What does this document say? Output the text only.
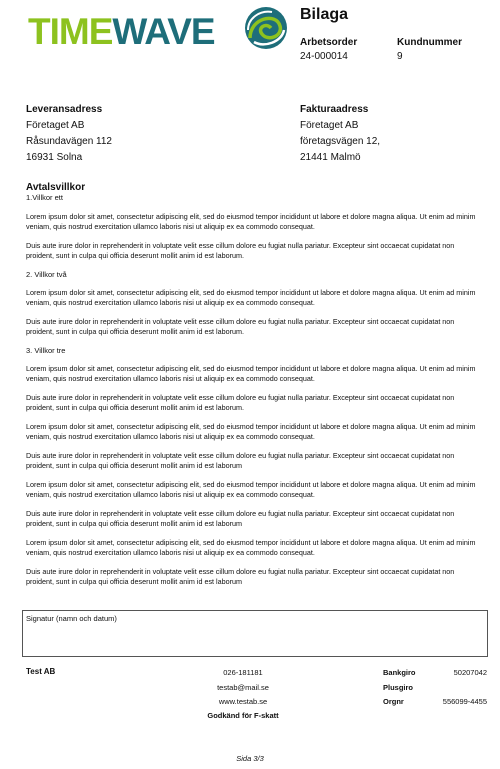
TIMEWAVE	Bilaga
Arbetsorder
24-000014
Kundnummer
9
Leveransadress
Företaget AB
Råsundavägen 112
16931 Solna
Fakturaadress
Företaget AB
företagsvägen 12,
21441 Malmö
Avtalsvillkor
1.Villkor ett

Lorem ipsum dolor sit amet, consectetur adipiscing elit, sed do eiusmod tempor incididunt ut labore et dolore magna aliqua. Ut enim ad minim veniam, quis nostrud exercitation ullamco laboris nisi ut aliquip ex ea commodo consequat.

Duis aute irure dolor in reprehenderit in voluptate velit esse cillum dolore eu fugiat nulla pariatur. Excepteur sint occaecat cupidatat non proident, sunt in culpa qui officia deserunt mollit anim id est laborum.

2. Villkor två

Lorem ipsum dolor sit amet, consectetur adipiscing elit, sed do eiusmod tempor incididunt ut labore et dolore magna aliqua. Ut enim ad minim veniam, quis nostrud exercitation ullamco laboris nisi ut aliquip ex ea commodo consequat.

Duis aute irure dolor in reprehenderit in voluptate velit esse cillum dolore eu fugiat nulla pariatur. Excepteur sint occaecat cupidatat non proident, sunt in culpa qui officia deserunt mollit anim id est laborum.

3. Villkor tre

Lorem ipsum dolor sit amet, consectetur adipiscing elit, sed do eiusmod tempor incididunt ut labore et dolore magna aliqua. Ut enim ad minim veniam, quis nostrud exercitation ullamco laboris nisi ut aliquip ex ea commodo consequat.

Duis aute irure dolor in reprehenderit in voluptate velit esse cillum dolore eu fugiat nulla pariatur. Excepteur sint occaecat cupidatat non proident, sunt in culpa qui officia deserunt mollit anim id est laborum.

Lorem ipsum dolor sit amet, consectetur adipiscing elit, sed do eiusmod tempor incididunt ut labore et dolore magna aliqua. Ut enim ad minim veniam, quis nostrud exercitation ullamco laboris nisi ut aliquip ex ea commodo consequat.

Duis aute irure dolor in reprehenderit in voluptate velit esse cillum dolore eu fugiat nulla pariatur. Excepteur sint occaecat cupidatat non proident, sunt in culpa qui officia deserunt mollit anim id est laborum

Lorem ipsum dolor sit amet, consectetur adipiscing elit, sed do eiusmod tempor incididunt ut labore et dolore magna aliqua. Ut enim ad minim veniam, quis nostrud exercitation ullamco laboris nisi ut aliquip ex ea commodo consequat.

Duis aute irure dolor in reprehenderit in voluptate velit esse cillum dolore eu fugiat nulla pariatur. Excepteur sint occaecat cupidatat non proident, sunt in culpa qui officia deserunt mollit anim id est laborum

Lorem ipsum dolor sit amet, consectetur adipiscing elit, sed do eiusmod tempor incididunt ut labore et dolore magna aliqua. Ut enim ad minim veniam, quis nostrud exercitation ullamco laboris nisi ut aliquip ex ea commodo consequat.

Duis aute irure dolor in reprehenderit in voluptate velit esse cillum dolore eu fugiat nulla pariatur. Excepteur sint occaecat cupidatat non proident, sunt in culpa qui officia deserunt mollit anim id est laborum

Signatur (namn och datum)
Test AB	026-181181
testab@mail.se
www.testab.se
Godkänd för F-skatt
Bankgiro	50207042
Plusgiro
Orgnr	556099-4455
Sida 3/3
